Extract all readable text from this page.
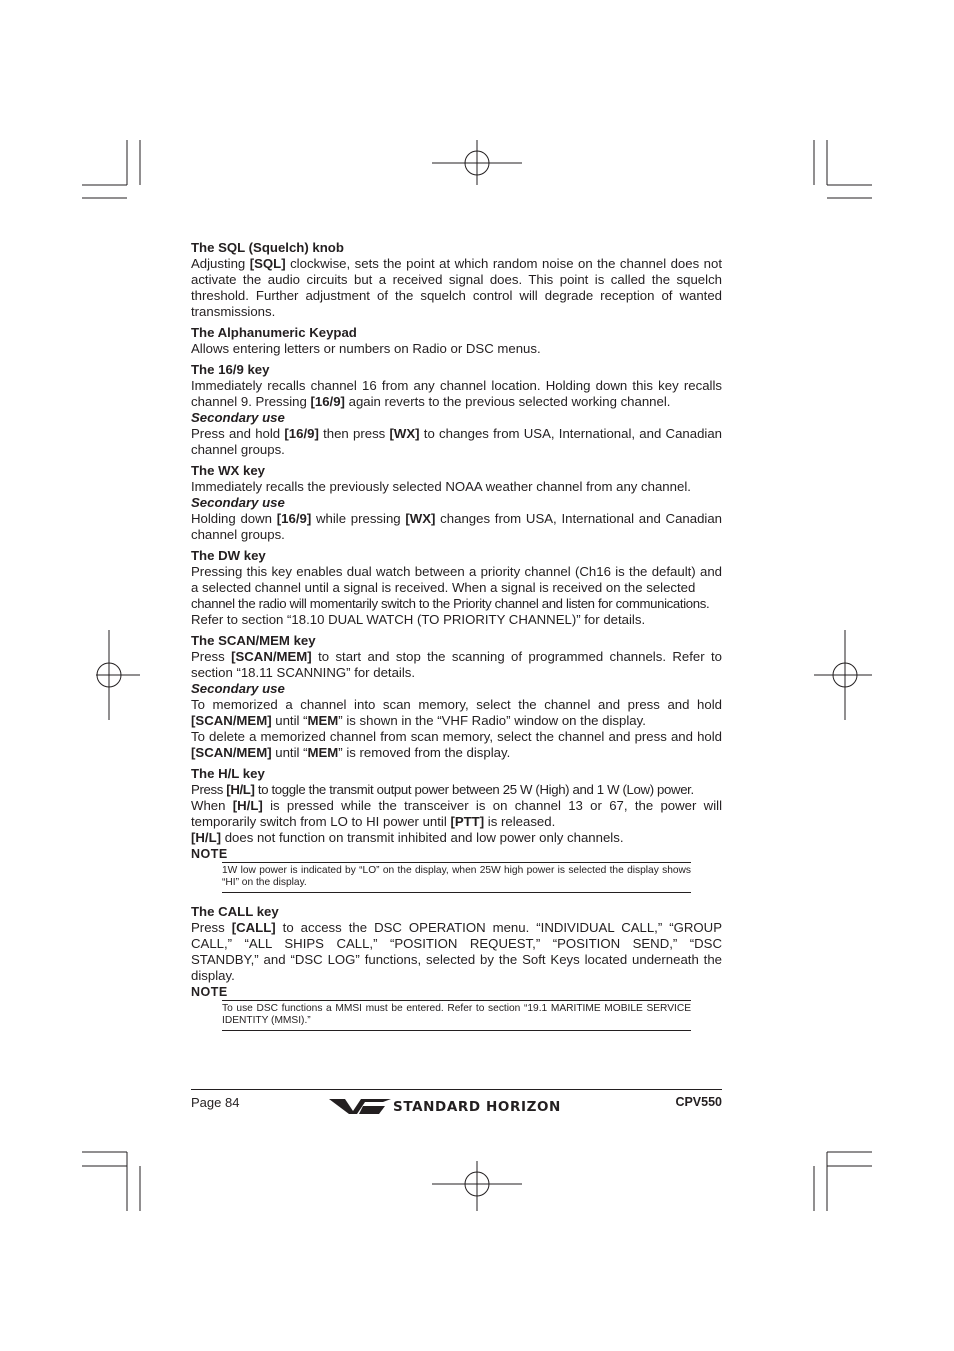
The SQL (Squelch) knob

Adjusting [SQL] clockwise, sets the point at which random noise on the channel does not activate the audio circuits but a received signal does. This point is called the squelch threshold. Further adjustment of the squelch control will degrade reception of wanted transmissions.

The Alphanumeric Keypad

Allows entering letters or numbers on Radio or DSC menus.

The 16/9 key

Immediately recalls channel 16 from any channel location. Holding down this key recalls channel 9. Pressing [16/9] again reverts to the previous selected working channel.

Secondary use

Press and hold [16/9] then press [WX] to changes from USA, International, and Canadian channel groups.

The WX key

Immediately recalls the previously selected NOAA weather channel from any channel.

Secondary use

Holding down [16/9] while pressing [WX] changes from USA, International and Canadian channel groups.

The DW key

Pressing this key enables dual watch between a priority channel (Ch16 is the default) and a selected channel until a signal is received. When a signal is received on the selected

channel the radio will momentarily switch to the Priority channel and listen for communications.

Refer to section “18.10 DUAL WATCH (TO PRIORITY CHANNEL)” for details.

The SCAN/MEM key

Press [SCAN/MEM] to start and stop the scanning of programmed channels. Refer to section “18.11 SCANNING” for details.

Secondary use

To memorized a channel into scan memory, select the channel and press and hold [SCAN/MEM] until “MEM” is shown in the “VHF Radio” window on the display.

To delete a memorized channel from scan memory, select the channel and press and hold [SCAN/MEM] until “MEM” is removed from the display.

The H/L key

Press [H/L] to toggle the transmit output power between 25 W (High) and 1 W (Low) power.

When [H/L] is pressed while the transceiver is on channel 13 or 67, the power will temporarily switch from LO to HI power until [PTT] is released.

[H/L] does not function on transmit inhibited and low power only channels.

NOTE

1W low power is indicated by “LO” on the display, when 25W high power is selected the display shows “HI” on the display.

The CALL key

Press [CALL] to access the DSC OPERATION menu. “INDIVIDUAL CALL,” “GROUP CALL,” “ALL SHIPS CALL,” “POSITION REQUEST,” “POSITION SEND,” “DSC STANDBY,” and “DSC LOG” functions, selected by the Soft Keys located underneath the display.

NOTE

To use DSC functions a MMSI must be entered. Refer to section “19.1 MARITIME MOBILE SERVICE IDENTITY (MMSI).”
Page 84	STANDARD HORIZON	CPV550
